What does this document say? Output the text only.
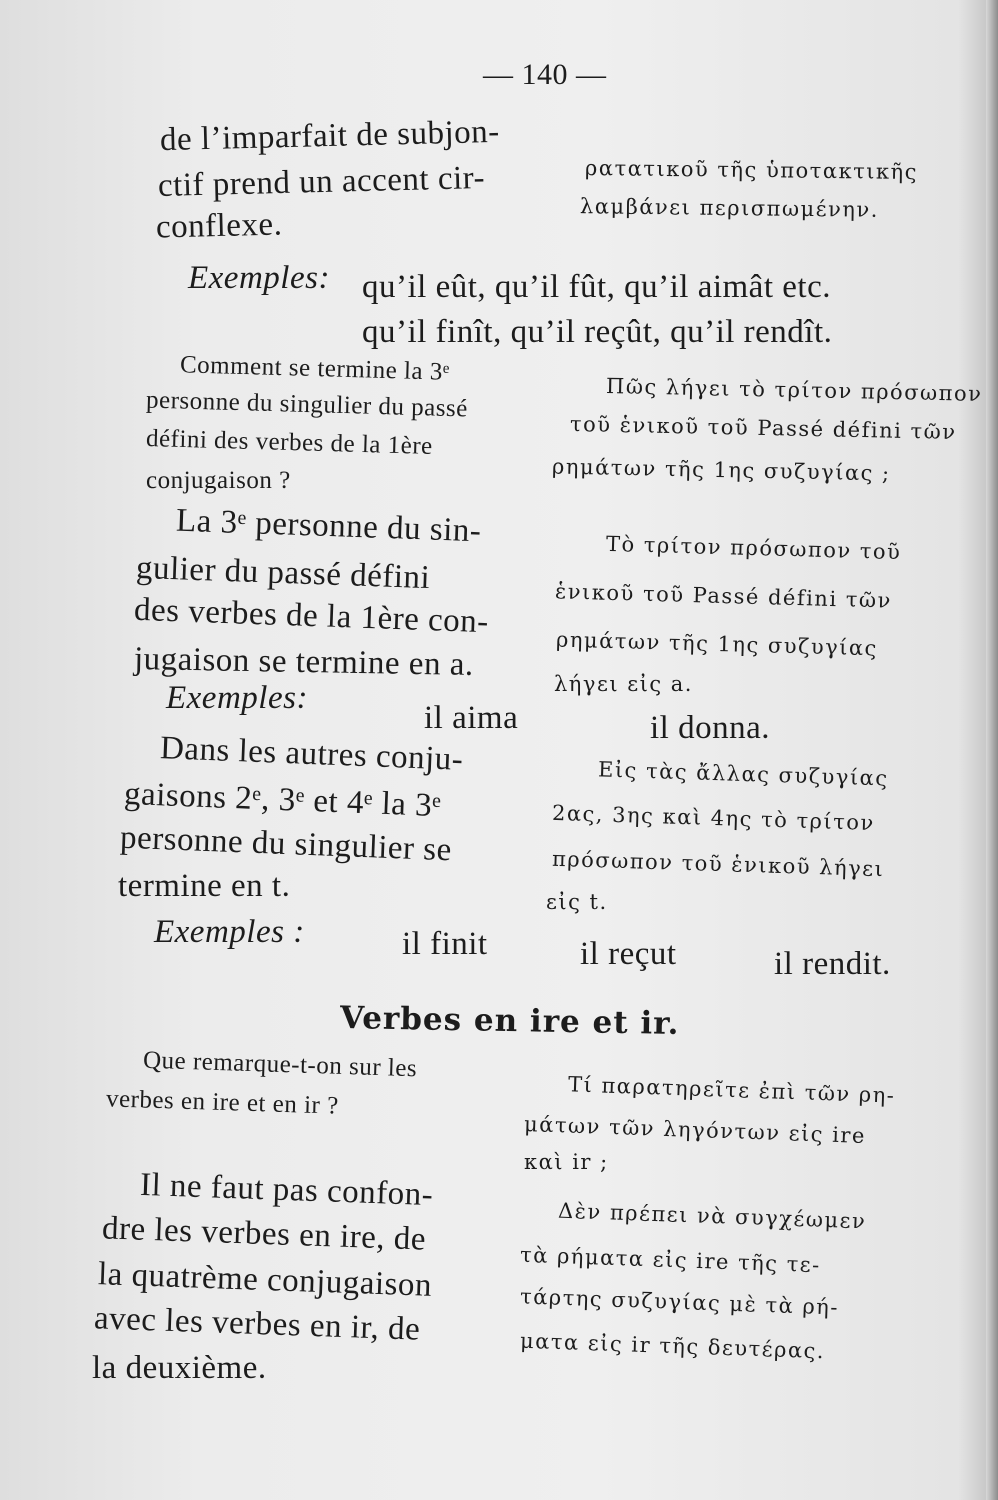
— 140 —
de l’imparfait de subjon-
ctif prend un accent cir-
conflexe.
ρατατικοῦ τῆς ὑποτακτικῆς
λαμβάνει περισπωμένην.
Exemples: qu’il eût, qu’il fût, qu’il aimât etc.
qu’il finît, qu’il reçût, qu’il rendît.
Comment se termine la 3ᵉ
personne du singulier du passé
défini des verbes de la 1ère
conjugaison ?
Πῶς λήγει τὸ τρίτον πρόσωπον
τοῦ ἑνικοῦ τοῦ Passé défini τῶν
ρημάτων τῆς 1ης συζυγίας ;
La 3ᵉ personne du sin-
gulier du passé défini
des verbes de la 1ère con-
jugaison se termine en a.
Τὸ τρίτον πρόσωπον τοῦ
ἑνικοῦ τοῦ Passé défini τῶν
ρημάτων τῆς 1ης συζυγίας
λήγει εἰς a.
Exemples:
il aima	il donna.
Dans les autres conju-
gaisons 2ᵉ, 3ᵉ et 4ᵉ la 3ᵉ
personne du singulier se
termine en t.
Εἰς τὰς ἄλλας συζυγίας
2ας, 3ης καὶ 4ης τὸ τρίτον
πρόσωπον τοῦ ἑνικοῦ λήγει
εἰς t.
Exemples :	il finit	il reçut	il rendit.
Verbes en ire et ir.
Que remarque-t-on sur les
verbes en ire et en ir ?	Τί παρατηρεῖτε ἐπὶ τῶν ρη-
μάτων τῶν ληγόντων εἰς ire
καὶ ir ;
Il ne faut pas confon-
dre les verbes en ire, de
la quatrème conjugaison
avec les verbes en ir, de
la deuxième.
Δὲν πρέπει νὰ συγχέωμεν
τὰ ρήματα εἰς ire τῆς τε-
τάρτης συζυγίας μὲ τὰ ρή-
ματα εἰς ir τῆς δευτέρας.
